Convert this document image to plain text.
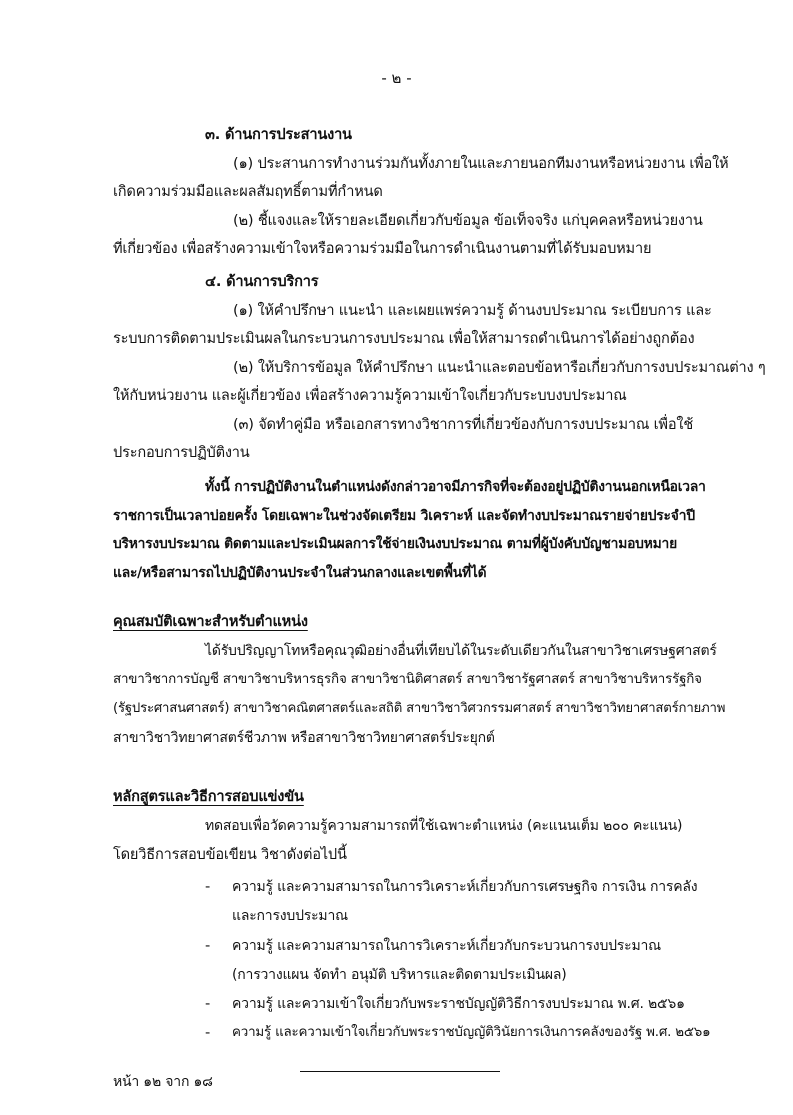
- ๒ -
๓. ด้านการประสานงาน
(๑) ประสานการทำงานร่วมกันทั้งภายในและภายนอกทีมงานหรือหน่วยงาน เพื่อให้
เกิดความร่วมมือและผลสัมฤทธิ์ตามที่กำหนด
(๒) ชี้แจงและให้รายละเอียดเกี่ยวกับข้อมูล ข้อเท็จจริง แก่บุคคลหรือหน่วยงาน
ที่เกี่ยวข้อง เพื่อสร้างความเข้าใจหรือความร่วมมือในการดำเนินงานตามที่ได้รับมอบหมาย
๔. ด้านการบริการ
(๑) ให้คำปรึกษา แนะนำ และเผยแพร่ความรู้ ด้านงบประมาณ ระเบียบการ และ
ระบบการติดตามประเมินผลในกระบวนการงบประมาณ เพื่อให้สามารถดำเนินการได้อย่างถูกต้อง
(๒) ให้บริการข้อมูล ให้คำปรึกษา แนะนำและตอบข้อหารือเกี่ยวกับการงบประมาณต่าง ๆ
ให้กับหน่วยงาน และผู้เกี่ยวข้อง เพื่อสร้างความรู้ความเข้าใจเกี่ยวกับระบบงบประมาณ
(๓) จัดทำคู่มือ หรือเอกสารทางวิชาการที่เกี่ยวข้องกับการงบประมาณ เพื่อใช้
ประกอบการปฏิบัติงาน
ทั้งนี้ การปฏิบัติงานในตำแหน่งดังกล่าวอาจมีภารกิจที่จะต้องอยู่ปฏิบัติงานนอกเหนือเวลา
ราชการเป็นเวลาบ่อยครั้ง โดยเฉพาะในช่วงจัดเตรียม วิเคราะห์ และจัดทำงบประมาณรายจ่ายประจำปี
บริหารงบประมาณ ติดตามและประเมินผลการใช้จ่ายเงินงบประมาณ ตามที่ผู้บังคับบัญชามอบหมาย
และ/หรือสามารถไปปฏิบัติงานประจำในส่วนกลางและเขตพื้นที่ได้
คุณสมบัติเฉพาะสำหรับตำแหน่ง
ได้รับปริญญาโทหรือคุณวุฒิอย่างอื่นที่เทียบได้ในระดับเดียวกันในสาขาวิชาเศรษฐศาสตร์
สาขาวิชาการบัญชี สาขาวิชาบริหารธุรกิจ สาขาวิชานิติศาสตร์ สาขาวิชารัฐศาสตร์ สาขาวิชาบริหารรัฐกิจ
(รัฐประศาสนศาสตร์) สาขาวิชาคณิตศาสตร์และสถิติ สาขาวิชาวิศวกรรมศาสตร์ สาขาวิชาวิทยาศาสตร์กายภาพ
สาขาวิชาวิทยาศาสตร์ชีวภาพ หรือสาขาวิชาวิทยาศาสตร์ประยุกต์
หลักสูตรและวิธีการสอบแข่งขัน
ทดสอบเพื่อวัดความรู้ความสามารถที่ใช้เฉพาะตำแหน่ง (คะแนนเต็ม ๒๐๐ คะแนน)
โดยวิธีการสอบข้อเขียน วิชาดังต่อไปนี้
- ความรู้ และความสามารถในการวิเคราะห์เกี่ยวกับการเศรษฐกิจ การเงิน การคลัง
และการงบประมาณ
- ความรู้ และความสามารถในการวิเคราะห์เกี่ยวกับกระบวนการงบประมาณ
(การวางแผน จัดทำ อนุมัติ บริหารและติดตามประเมินผล)
- ความรู้ และความเข้าใจเกี่ยวกับพระราชบัญญัติวิธีการงบประมาณ พ.ศ. ๒๕๖๑
- ความรู้ และความเข้าใจเกี่ยวกับพระราชบัญญัติวินัยการเงินการคลังของรัฐ พ.ศ. ๒๕๖๑
หน้า ๑๒ จาก ๑๘
